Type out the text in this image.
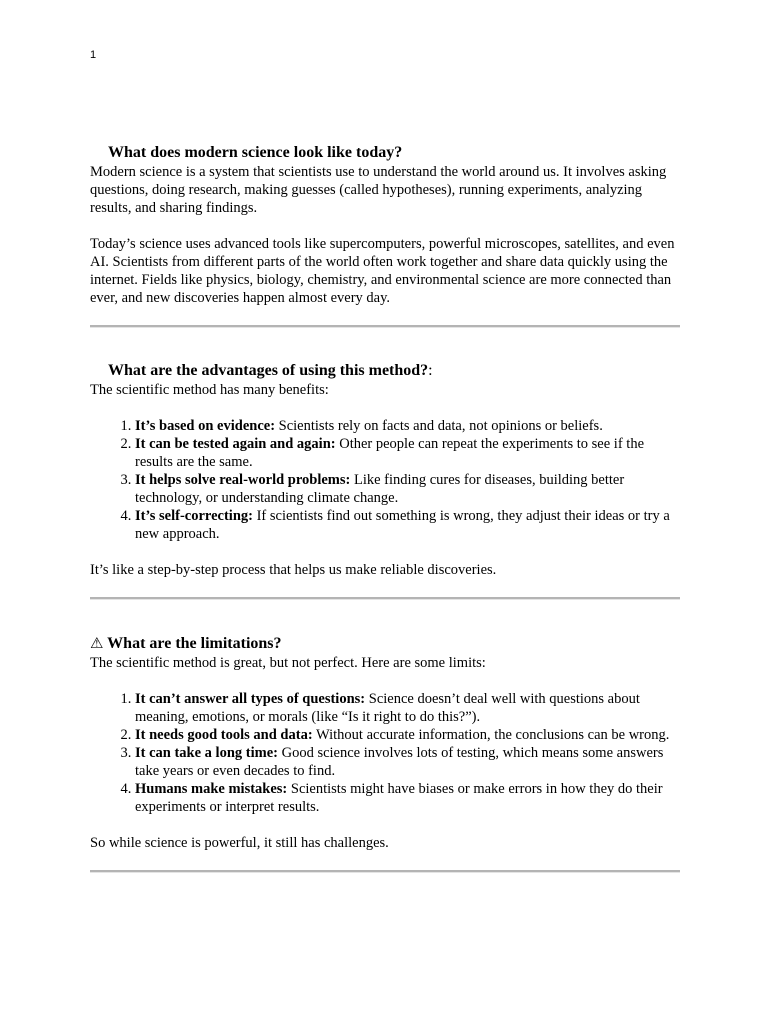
1
What does modern science look like today?

Modern science is a system that scientists use to understand the world around us. It involves asking questions, doing research, making guesses (called hypotheses), running experiments, analyzing results, and sharing findings.

Today’s science uses advanced tools like supercomputers, powerful microscopes, satellites, and even AI. Scientists from different parts of the world often work together and share data quickly using the internet. Fields like physics, biology, chemistry, and environmental science are more connected than ever, and new discoveries happen almost every day.

What are the advantages of using this method?:

The scientific method has many benefits:

1. It’s based on evidence: Scientists rely on facts and data, not opinions or beliefs.
2. It can be tested again and again: Other people can repeat the experiments to see if the results are the same.
3. It helps solve real-world problems: Like finding cures for diseases, building better technology, or understanding climate change.
4. It’s self-correcting: If scientists find out something is wrong, they adjust their ideas or try a new approach.

It’s like a step-by-step process that helps us make reliable discoveries.

⚠ What are the limitations?

The scientific method is great, but not perfect. Here are some limits:

1. It can’t answer all types of questions: Science doesn’t deal well with questions about meaning, emotions, or morals (like “Is it right to do this?”).
2. It needs good tools and data: Without accurate information, the conclusions can be wrong.
3. It can take a long time: Good science involves lots of testing, which means some answers take years or even decades to find.
4. Humans make mistakes: Scientists might have biases or make errors in how they do their experiments or interpret results.

So while science is powerful, it still has challenges.
